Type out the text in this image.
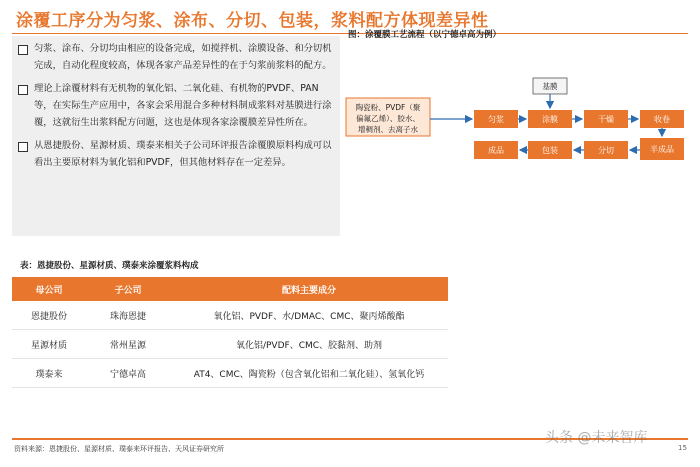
涂覆工序分为匀浆、涂布、分切、包装，浆料配方体现差异性
匀浆、涂布、分切均由相应的设备完成，如搅拌机、涂膜设备、和分切机完成，自动化程度较高，体现各家产品差异性的在于匀浆前浆料的配方。
理论上涂覆材料有无机物的氧化铝、二氧化硅、有机物的PVDF、PAN等，在实际生产应用中，各家会采用混合多种材料制成浆料对基膜进行涂覆，这就衍生出浆料配方问题，这也是体现各家涂覆膜差异性所在。
从恩捷股份、星源材质、璞泰来相关子公司环评报告涂覆膜原料构成可以看出主要原材料为氧化铝和PVDF，但其他材料存在一定差异。
图：涂覆膜工艺流程（以宁德卓高为例）
陶瓷粉、PVDF（聚
偏氟乙烯）、胶水、
增稠剂、去离子水
基膜
匀浆	涂膜	干燥	收卷
半成品
分切
包装
成品
表：恩捷股份、星源材质、璞泰来涂覆浆料构成
母公司	子公司	配料主要成分
恩捷股份	珠海恩捷	氧化铝、PVDF、水/DMAC、CMC、聚丙烯酸酯
星源材质	常州星源	氧化铝/PVDF、CMC、胶黏剂、助剂
璞泰来	宁德卓高	AT4、CMC、陶瓷粉（包含氧化铝和二氧化硅）、氢氧化钙
资料来源：恩捷股份、星源材质、璞泰来环评报告、天风证券研究所
头条 @未来智库
15
